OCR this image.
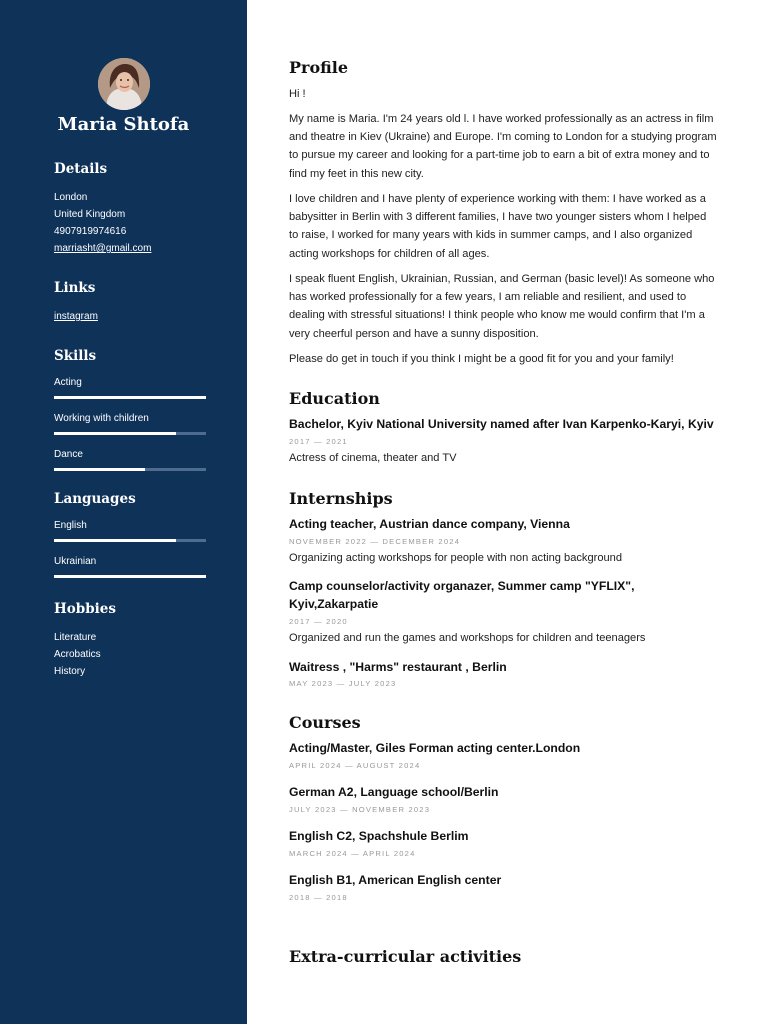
Maria Shtofa
Details
London
United Kingdom
4907919974616
marriasht@gmail.com
Links
instagram
Skills
Acting
Working with children
Dance
Languages
English
Ukrainian
Hobbies
Literature
Acrobatics
History
Profile
Hi !
My name is Maria. I'm 24 years old l. I have worked professionally as an actress in film and theatre in Kiev (Ukraine) and Europe. I'm coming to London for a studying program to pursue my career and looking for a part-time job to earn a bit of extra money and to find my feet in this new city.
I love children and I have plenty of experience working with them: I have worked as a babysitter in Berlin with 3 different families, I have two younger sisters whom I helped to raise, I worked for many years with kids in summer camps, and I also organized acting workshops for children of all ages.
I speak fluent English, Ukrainian, Russian, and German (basic level)! As someone who has worked professionally for a few years, I am reliable and resilient, and used to dealing with stressful situations! I think people who know me would confirm that I'm a very cheerful person and have a sunny disposition.
Please do get in touch if you think I might be a good fit for you and your family!
Education
Bachelor, Kyiv National University named after Ivan Karpenko-Karyi, Kyiv
2017 — 2021
Actress of cinema, theater and TV
Internships
Acting teacher, Austrian dance company, Vienna
NOVEMBER 2022 — DECEMBER 2024
Organizing acting workshops for people with non acting background
Camp counselor/activity organazer, Summer camp "YFLIX", Kyiv,Zakarpatie
2017 — 2020
Organized and run the games and workshops for children and teenagers
Waitress , "Harms" restaurant , Berlin
MAY 2023 — JULY 2023
Courses
Acting/Master, Giles Forman acting center.London
APRIL 2024 — AUGUST 2024
German A2, Language school/Berlin
JULY 2023 — NOVEMBER 2023
English C2, Spachshule Berlim
MARCH 2024 — APRIL 2024
English B1, American English center
2018 — 2018
Extra-curricular activities
